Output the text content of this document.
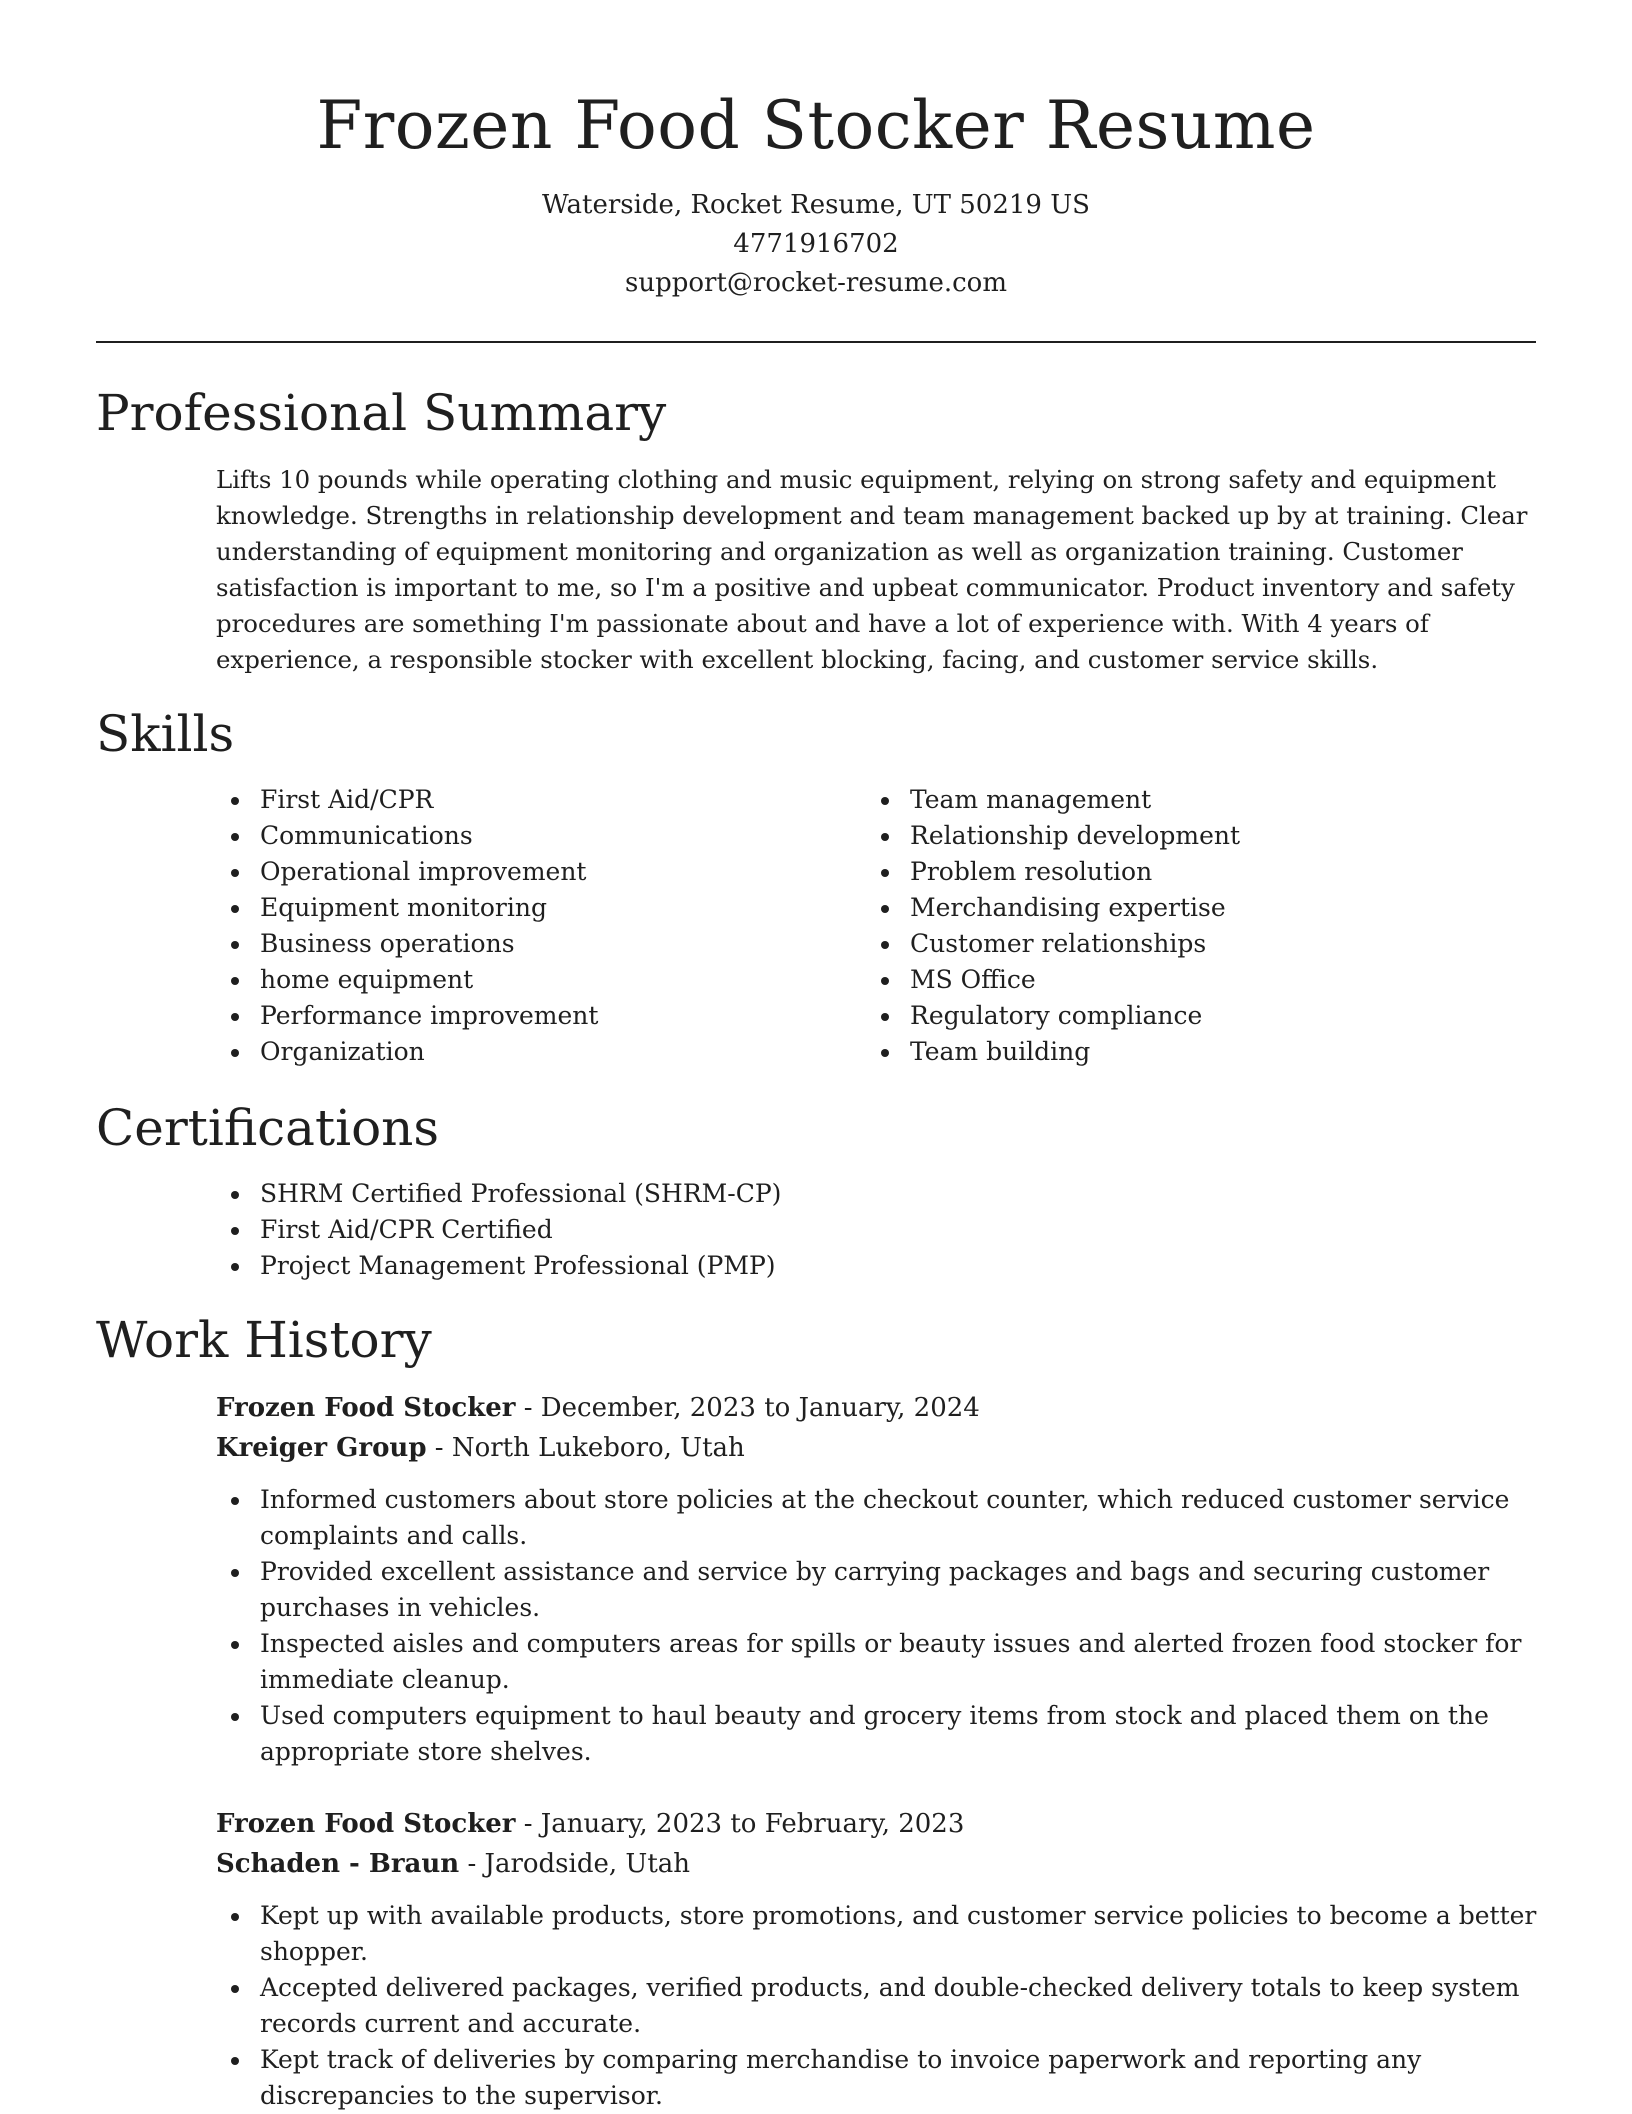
Frozen Food Stocker Resume
Waterside, Rocket Resume, UT 50219 US
4771916702
support@rocket-resume.com
Professional Summary

Lifts 10 pounds while operating clothing and music equipment, relying on strong safety and equipment knowledge. Strengths in relationship development and team management backed up by at training. Clear understanding of equipment monitoring and organization as well as organization training. Customer satisfaction is important to me, so I'm a positive and upbeat communicator. Product inventory and safety procedures are something I'm passionate about and have a lot of experience with. With 4 years of experience, a responsible stocker with excellent blocking, facing, and customer service skills.

Skills
First Aid/CPR
Communications
Operational improvement
Equipment monitoring
Business operations
home equipment
Performance improvement
Organization
Team management
Relationship development
Problem resolution
Merchandising expertise
Customer relationships
MS Office
Regulatory compliance
Team building
Certifications
SHRM Certified Professional (SHRM-CP)
First Aid/CPR Certified
Project Management Professional (PMP)
Work History
Frozen Food Stocker - December, 2023 to January, 2024
Kreiger Group - North Lukeboro, Utah
Informed customers about store policies at the checkout counter, which reduced customer service complaints and calls.
Provided excellent assistance and service by carrying packages and bags and securing customer purchases in vehicles.
Inspected aisles and computers areas for spills or beauty issues and alerted frozen food stocker for immediate cleanup.
Used computers equipment to haul beauty and grocery items from stock and placed them on the appropriate store shelves.
Frozen Food Stocker - January, 2023 to February, 2023
Schaden - Braun - Jarodside, Utah
Kept up with available products, store promotions, and customer service policies to become a better shopper.
Accepted delivered packages, verified products, and double-checked delivery totals to keep system records current and accurate.
Kept track of deliveries by comparing merchandise to invoice paperwork and reporting any discrepancies to the supervisor.
